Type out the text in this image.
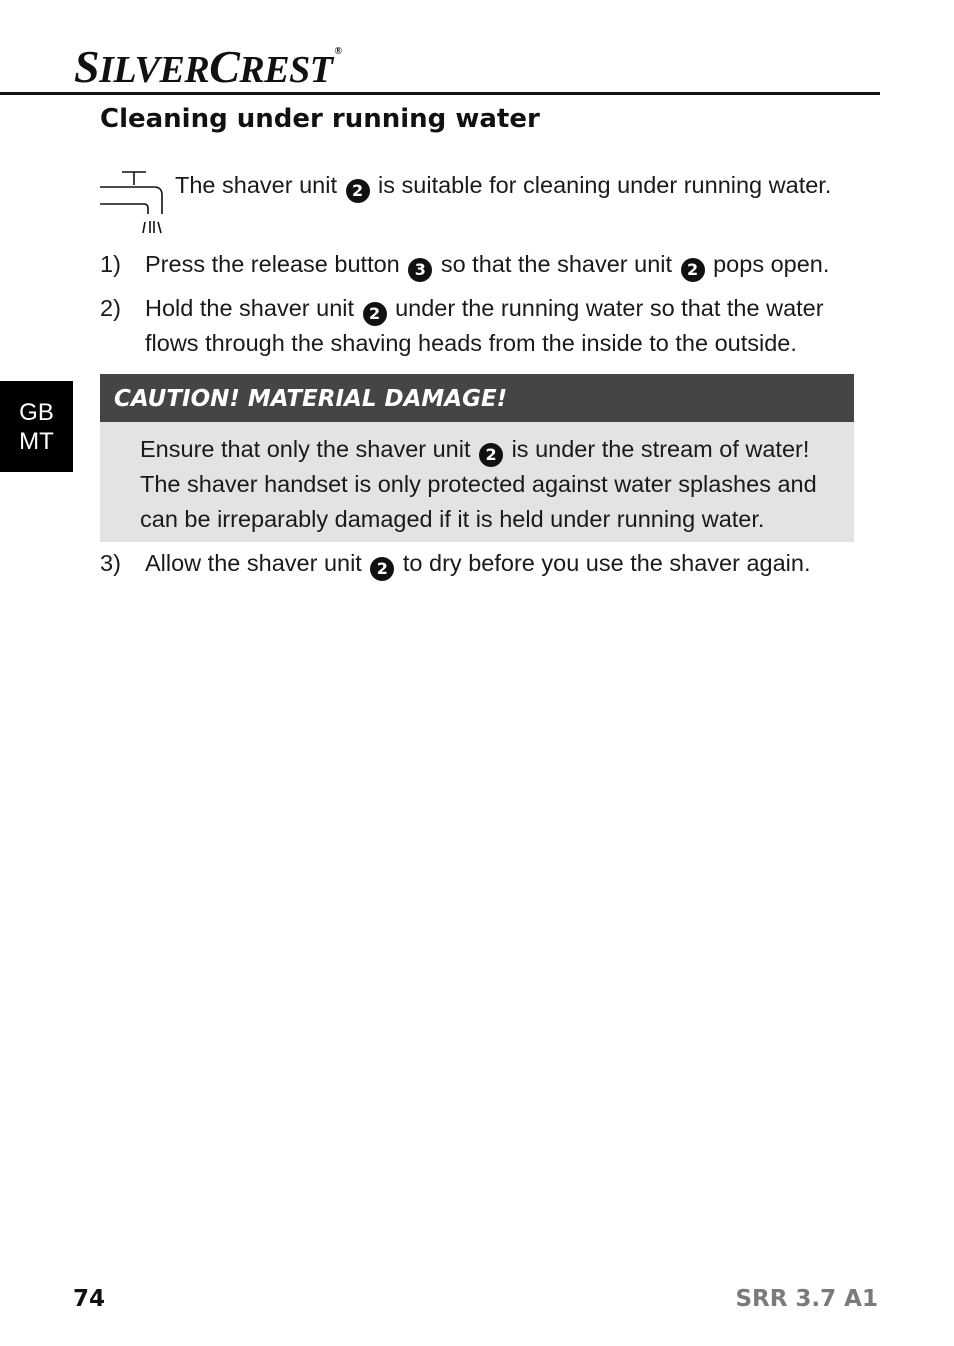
SILVERCREST ®
GB
MT
Cleaning under running water
The shaver unit 2 is suitable for cleaning under running water.
1) Press the release button 3 so that the shaver unit 2 pops open.
2) Hold the shaver unit 2 under the running water so that the water flows through the shaving heads from the inside to the outside.
CAUTION! MATERIAL DAMAGE!
Ensure that only the shaver unit 2 is under the stream of water! The shaver handset is only protected against water splashes and can be irreparably damaged if it is held under running water.
3) Allow the shaver unit 2 to dry before you use the shaver again.
74	SRR 3.7 A1
